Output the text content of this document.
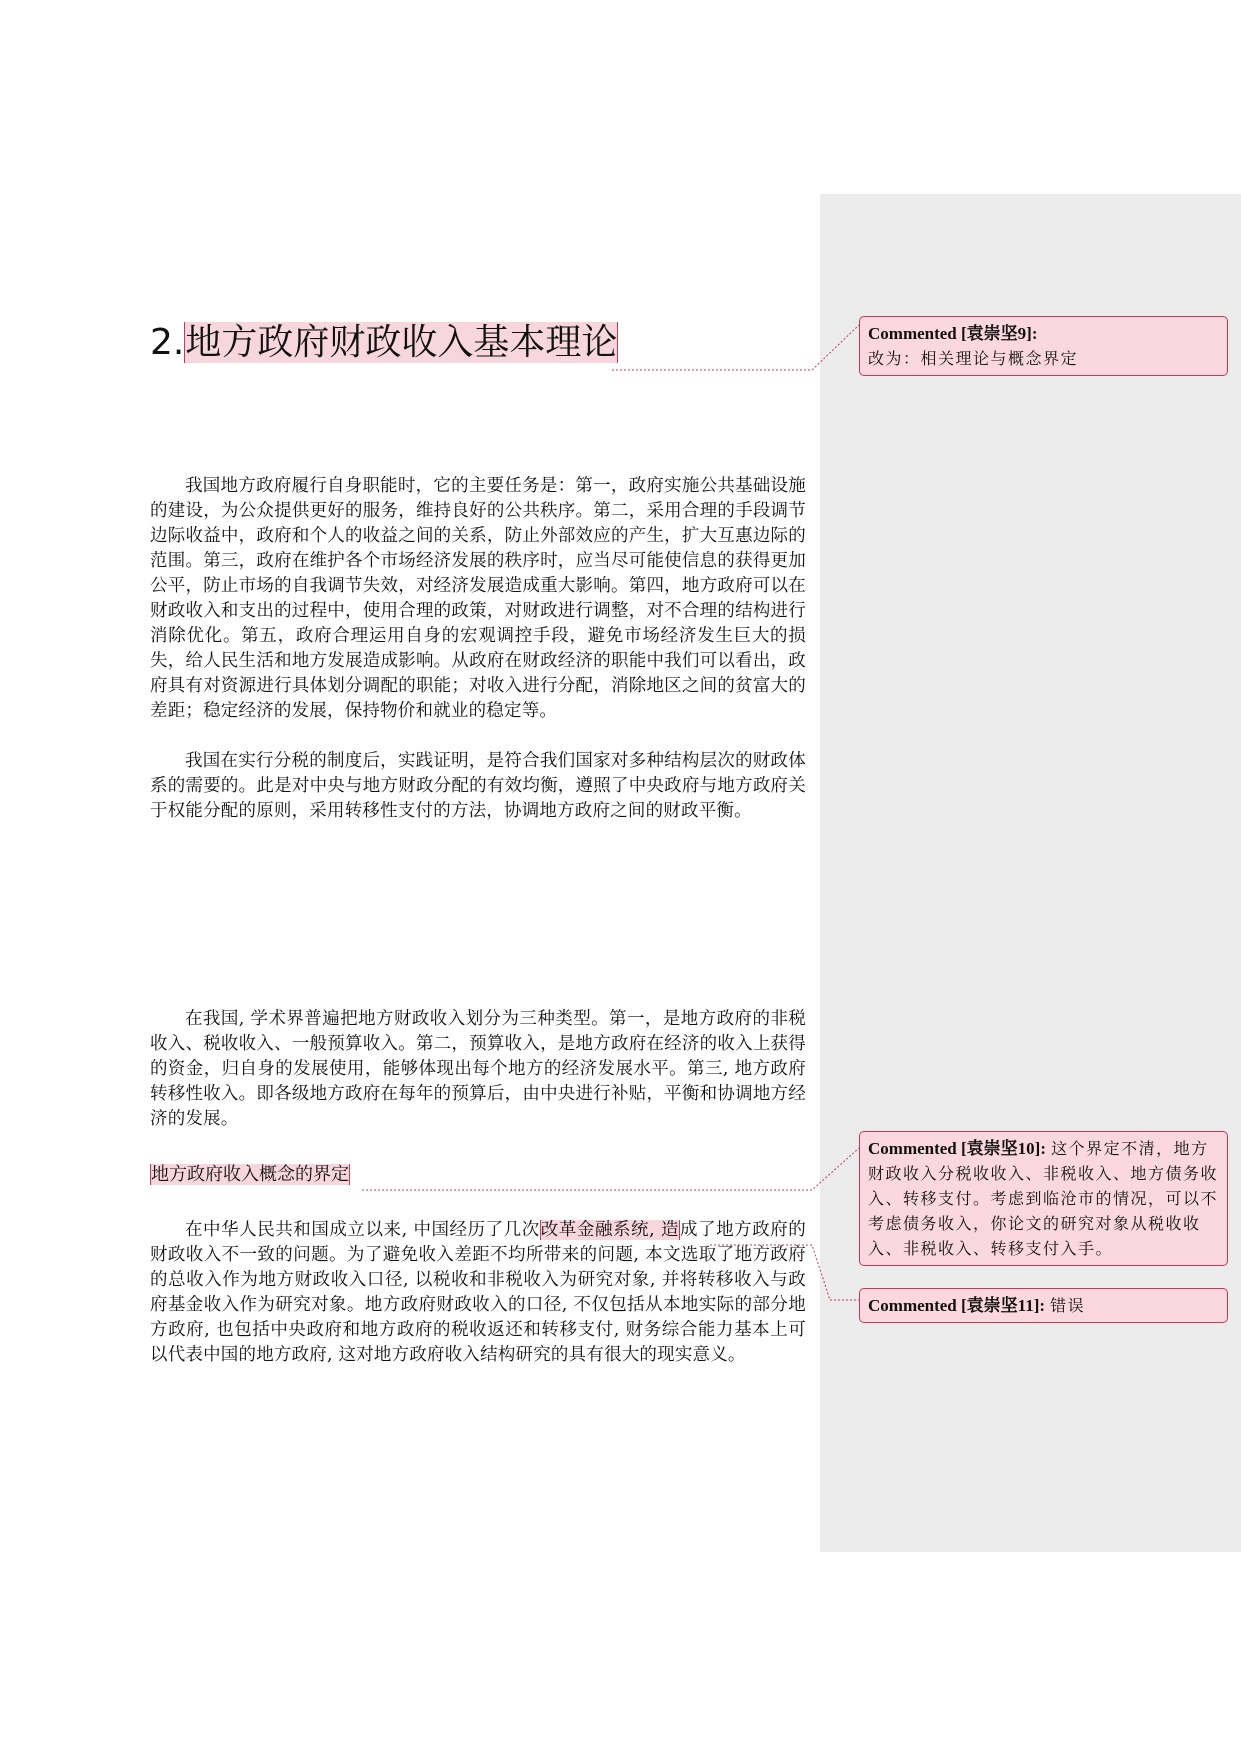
2.地方政府财政收入基本理论

我国地方政府履行自身职能时，它的主要任务是：第一，政府实施公共基础设施的建设，为公众提供更好的服务，维持良好的公共秩序。第二，采用合理的手段调节边际收益中，政府和个人的收益之间的关系，防止外部效应的产生，扩大互惠边际的范围。第三，政府在维护各个市场经济发展的秩序时，应当尽可能使信息的获得更加公平，防止市场的自我调节失效，对经济发展造成重大影响。第四，地方政府可以在财政收入和支出的过程中，使用合理的政策，对财政进行调整，对不合理的结构进行消除优化。第五，政府合理运用自身的宏观调控手段，避免市场经济发生巨大的损失，给人民生活和地方发展造成影响。从政府在财政经济的职能中我们可以看出，政府具有对资源进行具体划分调配的职能；对收入进行分配，消除地区之间的贫富大的差距；稳定经济的发展，保持物价和就业的稳定等。

我国在实行分税的制度后，实践证明，是符合我们国家对多种结构层次的财政体系的需要的。此是对中央与地方财政分配的有效均衡，遵照了中央政府与地方政府关于权能分配的原则，采用转移性支付的方法，协调地方政府之间的财政平衡。

在我国, 学术界普遍把地方财政收入划分为三种类型。第一，是地方政府的非税收入、税收收入、一般预算收入。第二，预算收入，是地方政府在经济的收入上获得的资金，归自身的发展使用，能够体现出每个地方的经济发展水平。第三, 地方政府转移性收入。即各级地方政府在每年的预算后，由中央进行补贴，平衡和协调地方经济的发展。

地方政府收入概念的界定

在中华人民共和国成立以来, 中国经历了几次改革金融系统, 造成了地方政府的财政收入不一致的问题。为了避免收入差距不均所带来的问题, 本文选取了地方政府的总收入作为地方财政收入口径, 以税收和非税收入为研究对象, 并将转移收入与政府基金收入作为研究对象。地方政府财政收入的口径, 不仅包括从本地实际的部分地方政府, 也包括中央政府和地方政府的税收返还和转移支付, 财务综合能力基本上可以代表中国的地方政府, 这对地方政府收入结构研究的具有很大的现实意义。

Commented [袁崇坚9]:
改为：相关理论与概念界定
Commented [袁崇坚10]: 这个界定不清，地方财政收入分税收收入、非税收入、地方债务收入、转移支付。考虑到临沧市的情况，可以不考虑债务收入，你论文的研究对象从税收收入、非税收入、转移支付入手。
Commented [袁崇坚11]: 错误
